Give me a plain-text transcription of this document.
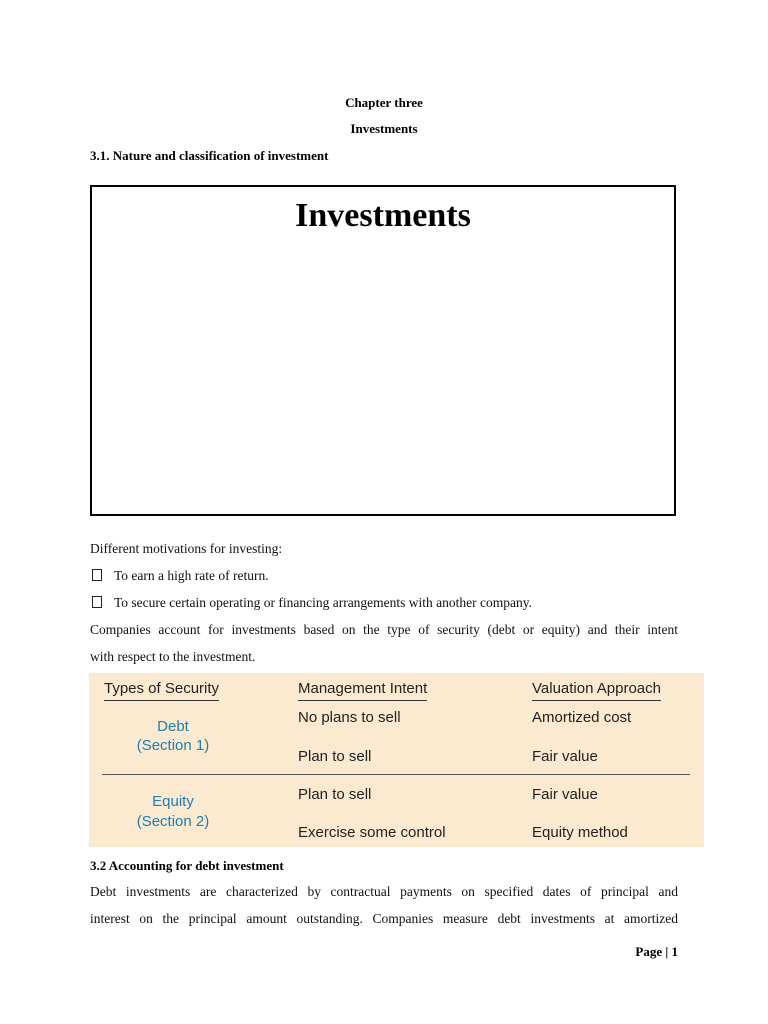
Chapter three
Investments
3.1. Nature and classification of investment
Investments
Different motivations for investing:
To earn a high rate of return.
To secure certain operating or financing arrangements with another company.
Companies account for investments based on the type of security (debt or equity) and their intent
with respect to the investment.
Types of Security	Management Intent	Valuation Approach
Debt
(Section 1)
No plans to sell	Amortized cost
Plan to sell	Fair value
Equity
(Section 2)
Plan to sell	Fair value
Exercise some control	Equity method
3.2 Accounting for debt investment
Debt investments are characterized by contractual payments on specified dates of principal and
interest on the principal amount outstanding. Companies measure debt investments at amortized
Page | 1
